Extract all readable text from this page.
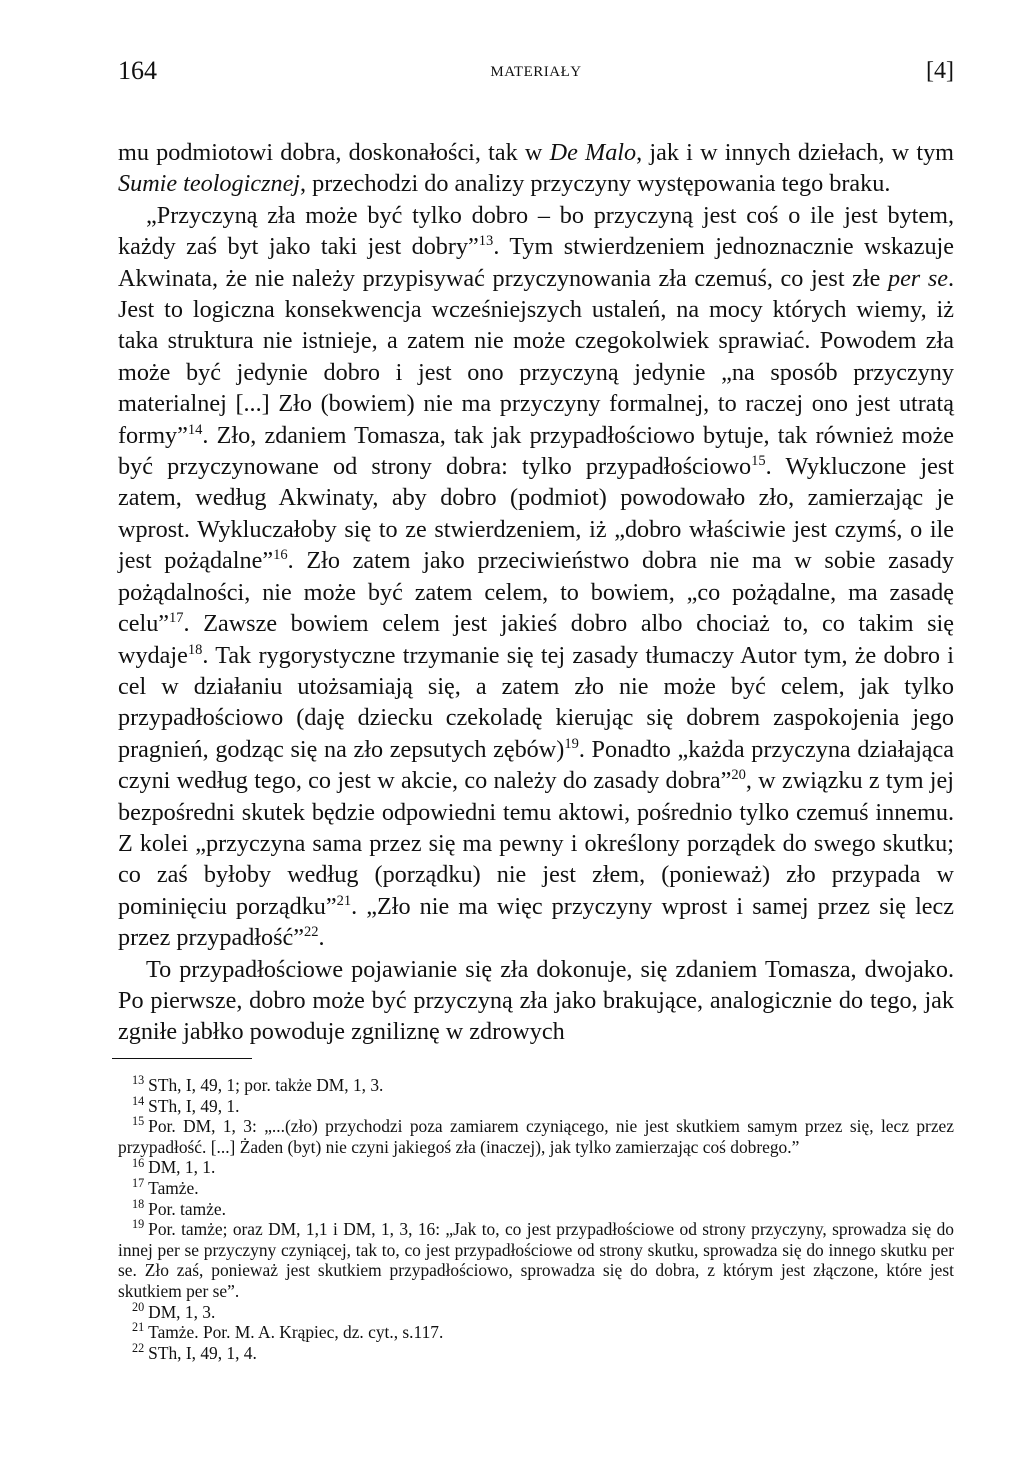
164	MATERIAŁY	[4]

mu podmiotowi dobra, doskonałości, tak w De Malo, jak i w innych dziełach, w tym Sumie teologicznej, przechodzi do analizy przyczyny występowania tego braku.

„Przyczyną zła może być tylko dobro – bo przyczyną jest coś o ile jest bytem, każdy zaś byt jako taki jest dobry”$^{13}$. Tym stwierdzeniem jednoznacznie wskazuje Akwinata, że nie należy przypisywać przyczynowania zła czemuś, co jest złe per se. Jest to logiczna konsekwencja wcześniejszych ustaleń, na mocy których wiemy, iż taka struktura nie istnieje, a zatem nie może czegokolwiek sprawiać. Powodem zła może być jedynie dobro i jest ono przyczyną jedynie „na sposób przyczyny materialnej [...] Zło (bowiem) nie ma przyczyny formalnej, to raczej ono jest utratą formy”$^{14}$. Zło, zdaniem Tomasza, tak jak przypadłościowo bytuje, tak również może być przyczynowane od strony dobra: tylko przypadłościowo$^{15}$. Wykluczone jest zatem, według Akwinaty, aby dobro (podmiot) powodowało zło, zamierzając je wprost. Wykluczałoby się to ze stwierdzeniem, iż „dobro właściwie jest czymś, o ile jest pożądalne”$^{16}$. Zło zatem jako przeciwieństwo dobra nie ma w sobie zasady pożądalności, nie może być zatem celem, to bowiem, „co pożądalne, ma zasadę celu”$^{17}$. Zawsze bowiem celem jest jakieś dobro albo chociaż to, co takim się wydaje$^{18}$. Tak rygorystyczne trzymanie się tej zasady tłumaczy Autor tym, że dobro i cel w działaniu utożsamiają się, a zatem zło nie może być celem, jak tylko przypadłościowo (daję dziecku czekoladę kierując się dobrem zaspokojenia jego pragnień, godząc się na zło zepsutych zębów)$^{19}$. Ponadto „każda przyczyna działająca czyni według tego, co jest w akcie, co należy do zasady dobra”$^{20}$, w związku z tym jej bezpośredni skutek będzie odpowiedni temu aktowi, pośrednio tylko czemuś innemu. Z kolei „przyczyna sama przez się ma pewny i określony porządek do swego skutku; co zaś byłoby według (porządku) nie jest złem, (ponieważ) zło przypada w pominięciu porządku”$^{21}$. „Zło nie ma więc przyczyny wprost i samej przez się lecz przez przypadłość”$^{22}$.

To przypadłościowe pojawianie się zła dokonuje, się zdaniem Tomasza, dwojako. Po pierwsze, dobro może być przyczyną zła jako brakujące, analogicznie do tego, jak zgniłe jabłko powoduje zgniliznę w zdrowych

$^{13}$ STh, I, 49, 1; por. także DM, 1, 3.

$^{14}$ STh, I, 49, 1.

$^{15}$ Por. DM, 1, 3: „...(zło) przychodzi poza zamiarem czyniącego, nie jest skutkiem samym przez się, lecz przez przypadłość. [...] Żaden (byt) nie czyni jakiegoś zła (inaczej), jak tylko zamierzając coś dobrego.”

$^{16}$ DM, 1, 1.

$^{17}$ Tamże.

$^{18}$ Por. tamże.

$^{19}$ Por. tamże; oraz DM, 1,1 i DM, 1, 3, 16: „Jak to, co jest przypadłościowe od strony przyczyny, sprowadza się do innej per se przyczyny czyniącej, tak to, co jest przypadłościowe od strony skutku, sprowadza się do innego skutku per se. Zło zaś, ponieważ jest skutkiem przypadłościowo, sprowadza się do dobra, z którym jest złączone, które jest skutkiem per se”.

$^{20}$ DM, 1, 3.

$^{21}$ Tamże. Por. M. A. Krąpiec, dz. cyt., s.117.

$^{22}$ STh, I, 49, 1, 4.
